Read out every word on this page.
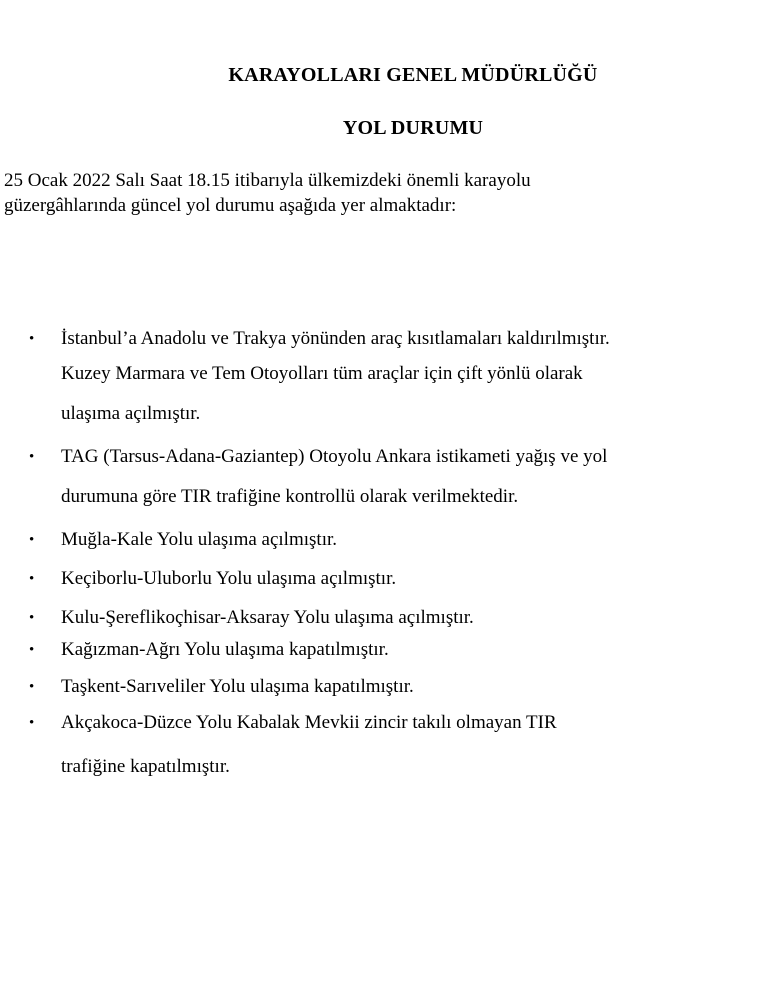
KARAYOLLARI GENEL MÜDÜRLÜĞÜ
YOL DURUMU
25 Ocak 2022 Salı Saat 18.15 itibarıyla ülkemizdeki önemli karayolu
güzergâhlarında güncel yol durumu aşağıda yer almaktadır:
• İstanbul’a Anadolu ve Trakya yönünden araç kısıtlamaları kaldırılmıştır.
Kuzey Marmara ve Tem Otoyolları tüm araçlar için çift yönlü olarak
ulaşıma açılmıştır.
• TAG (Tarsus-Adana-Gaziantep) Otoyolu Ankara istikameti yağış ve yol
durumuna göre TIR trafiğine kontrollü olarak verilmektedir.
• Muğla-Kale Yolu ulaşıma açılmıştır.
• Keçiborlu-Uluborlu Yolu ulaşıma açılmıştır.
• Kulu-Şereflikoçhisar-Aksaray Yolu ulaşıma açılmıştır.
• Kağızman-Ağrı Yolu ulaşıma kapatılmıştır.
• Taşkent-Sarıveliler Yolu ulaşıma kapatılmıştır.
• Akçakoca-Düzce Yolu Kabalak Mevkii zincir takılı olmayan TIR
trafiğine kapatılmıştır.
